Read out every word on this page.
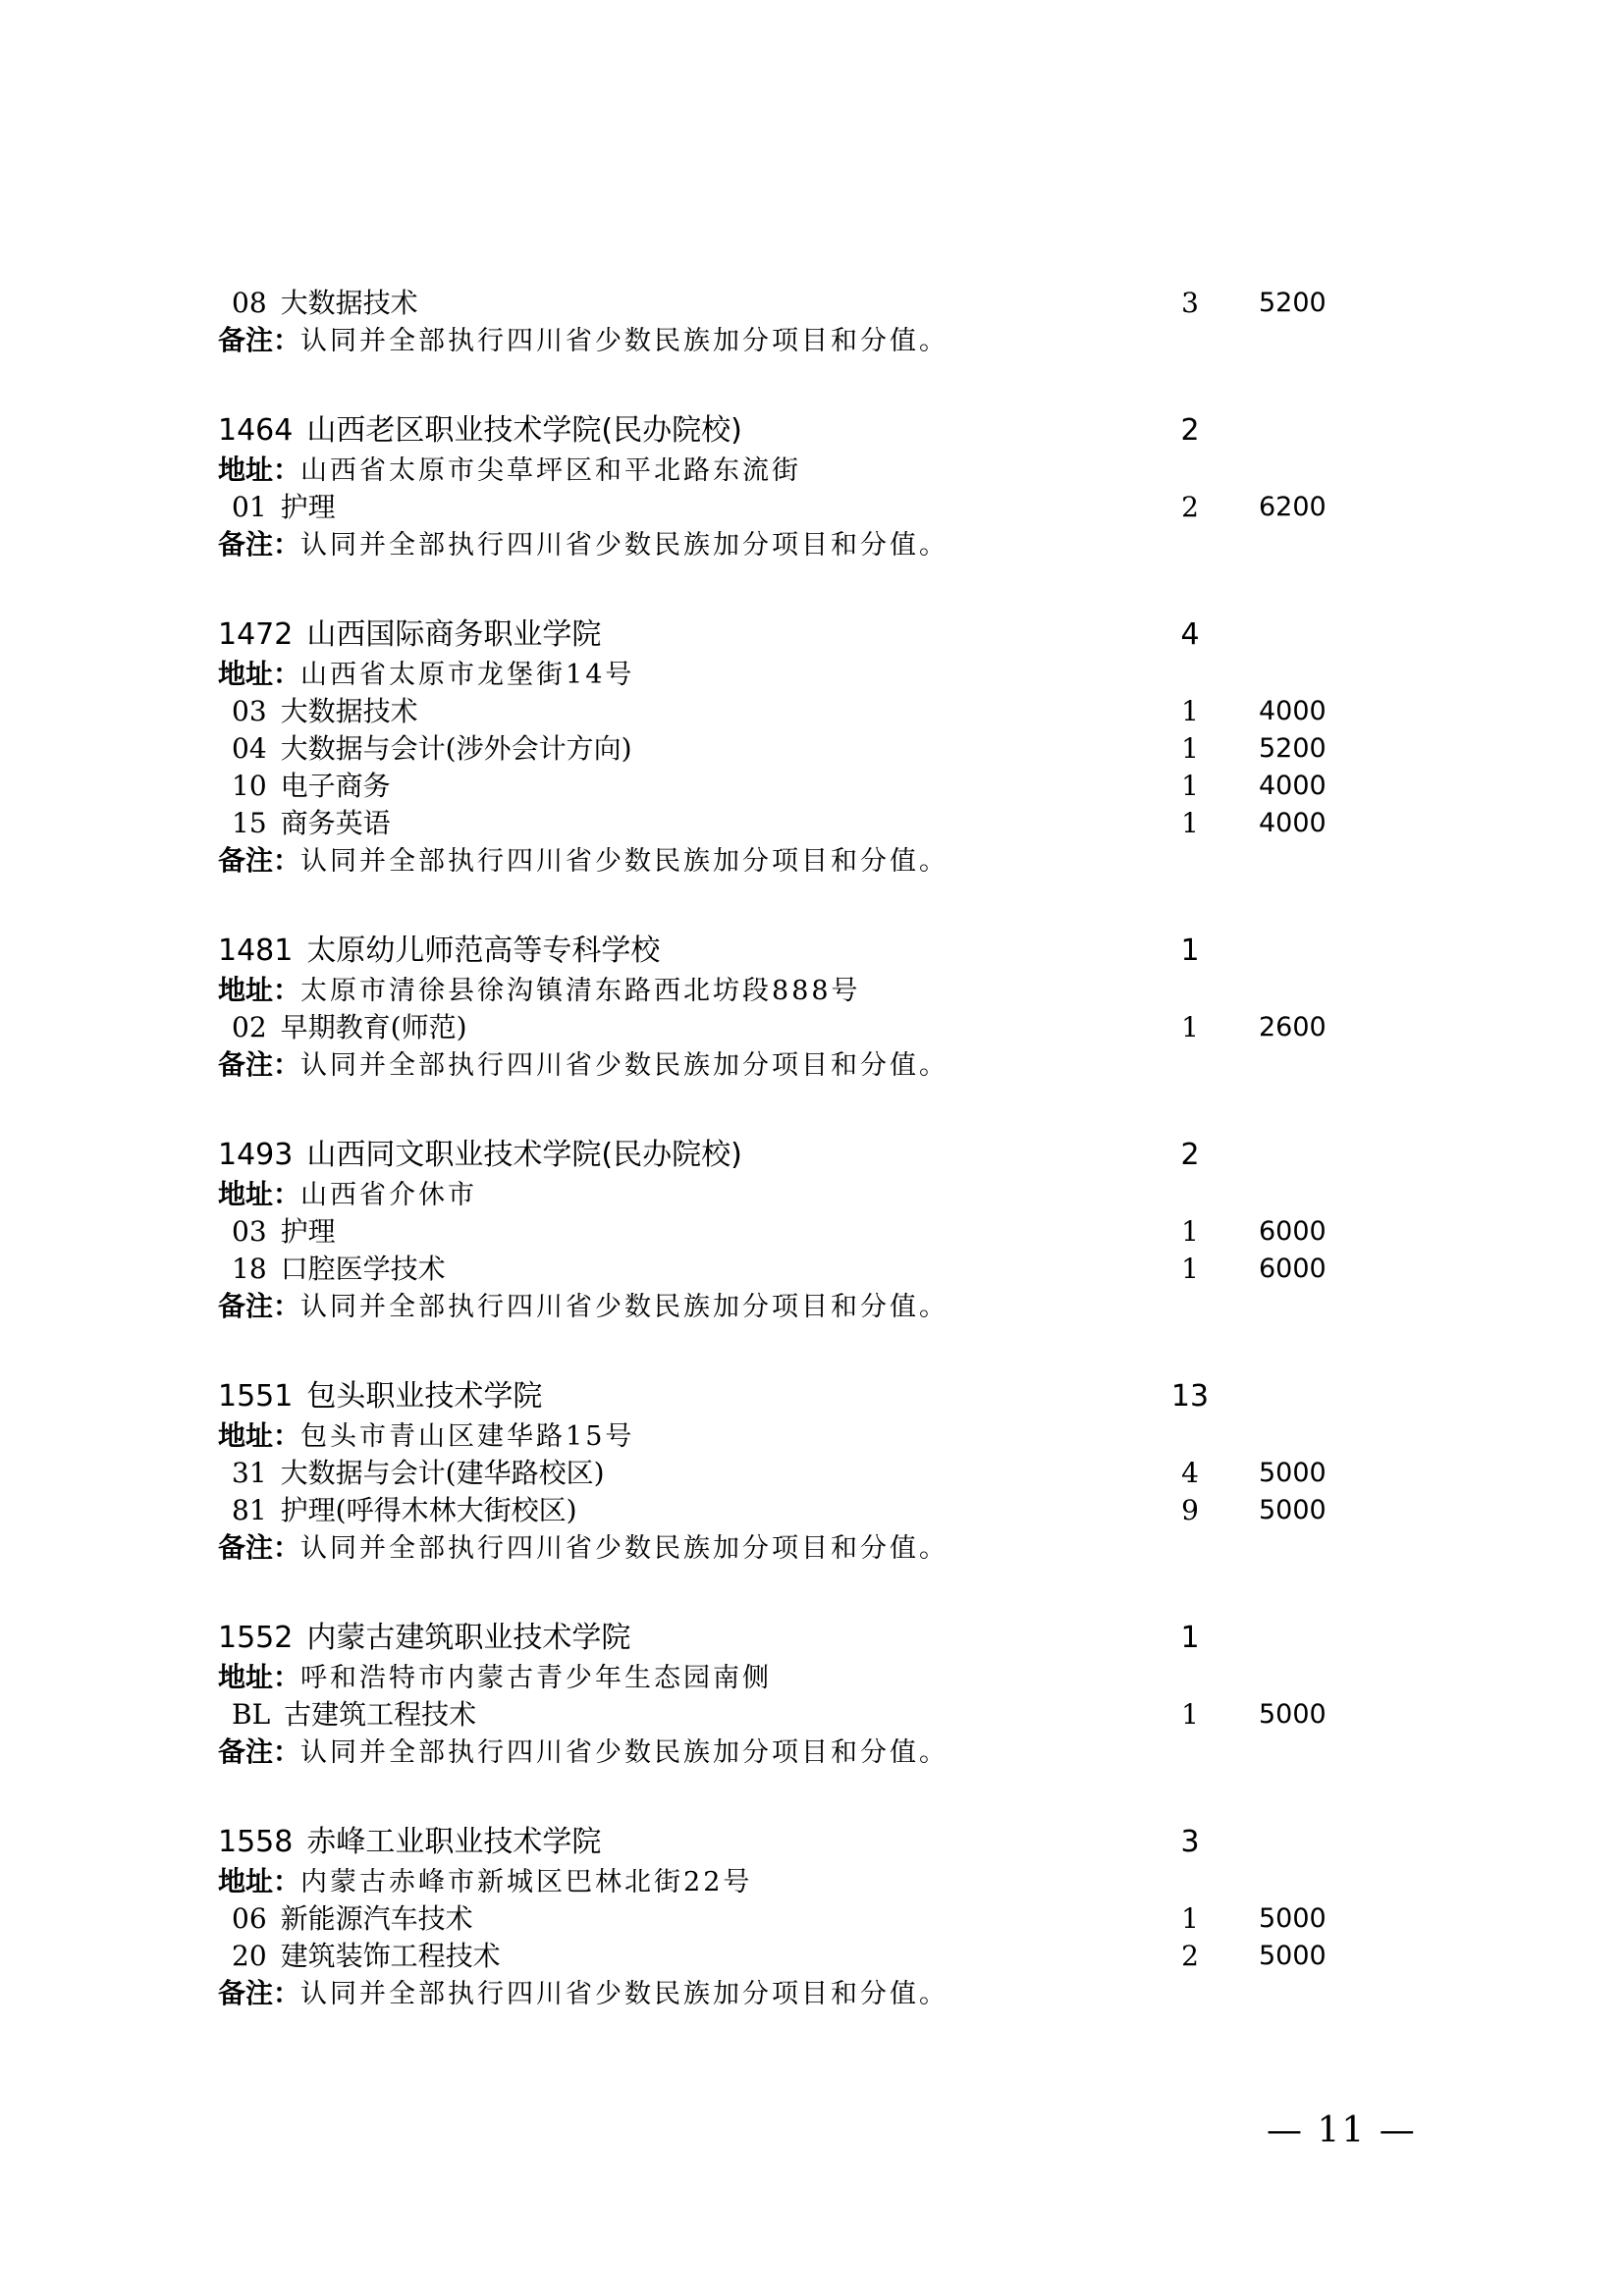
08 大数据技术	3 5200
备注：认同并全部执行四川省少数民族加分项目和分值。
1464 山西老区职业技术学院(民办院校)	2
地址：山西省太原市尖草坪区和平北路东流街
01 护理	2 6200
备注：认同并全部执行四川省少数民族加分项目和分值。
1472 山西国际商务职业学院	4
地址：山西省太原市龙堡街14号
03 大数据技术	1 4000
04 大数据与会计(涉外会计方向)	1 5200
10 电子商务	1 4000
15 商务英语	1 4000
备注：认同并全部执行四川省少数民族加分项目和分值。
1481 太原幼儿师范高等专科学校	1
地址：太原市清徐县徐沟镇清东路西北坊段888号
02 早期教育(师范)	1 2600
备注：认同并全部执行四川省少数民族加分项目和分值。
1493 山西同文职业技术学院(民办院校)	2
地址：山西省介休市
03 护理	1 6000
18 口腔医学技术	1 6000
备注：认同并全部执行四川省少数民族加分项目和分值。
1551 包头职业技术学院	13
地址：包头市青山区建华路15号
31 大数据与会计(建华路校区)	4 5000
81 护理(呼得木林大街校区)	9 5000
备注：认同并全部执行四川省少数民族加分项目和分值。
1552 内蒙古建筑职业技术学院	1
地址：呼和浩特市内蒙古青少年生态园南侧
BL 古建筑工程技术	1 5000
备注：认同并全部执行四川省少数民族加分项目和分值。
1558 赤峰工业职业技术学院	3
地址：内蒙古赤峰市新城区巴林北街22号
06 新能源汽车技术	1 5000
20 建筑装饰工程技术	2 5000
备注：认同并全部执行四川省少数民族加分项目和分值。
— 11 —
